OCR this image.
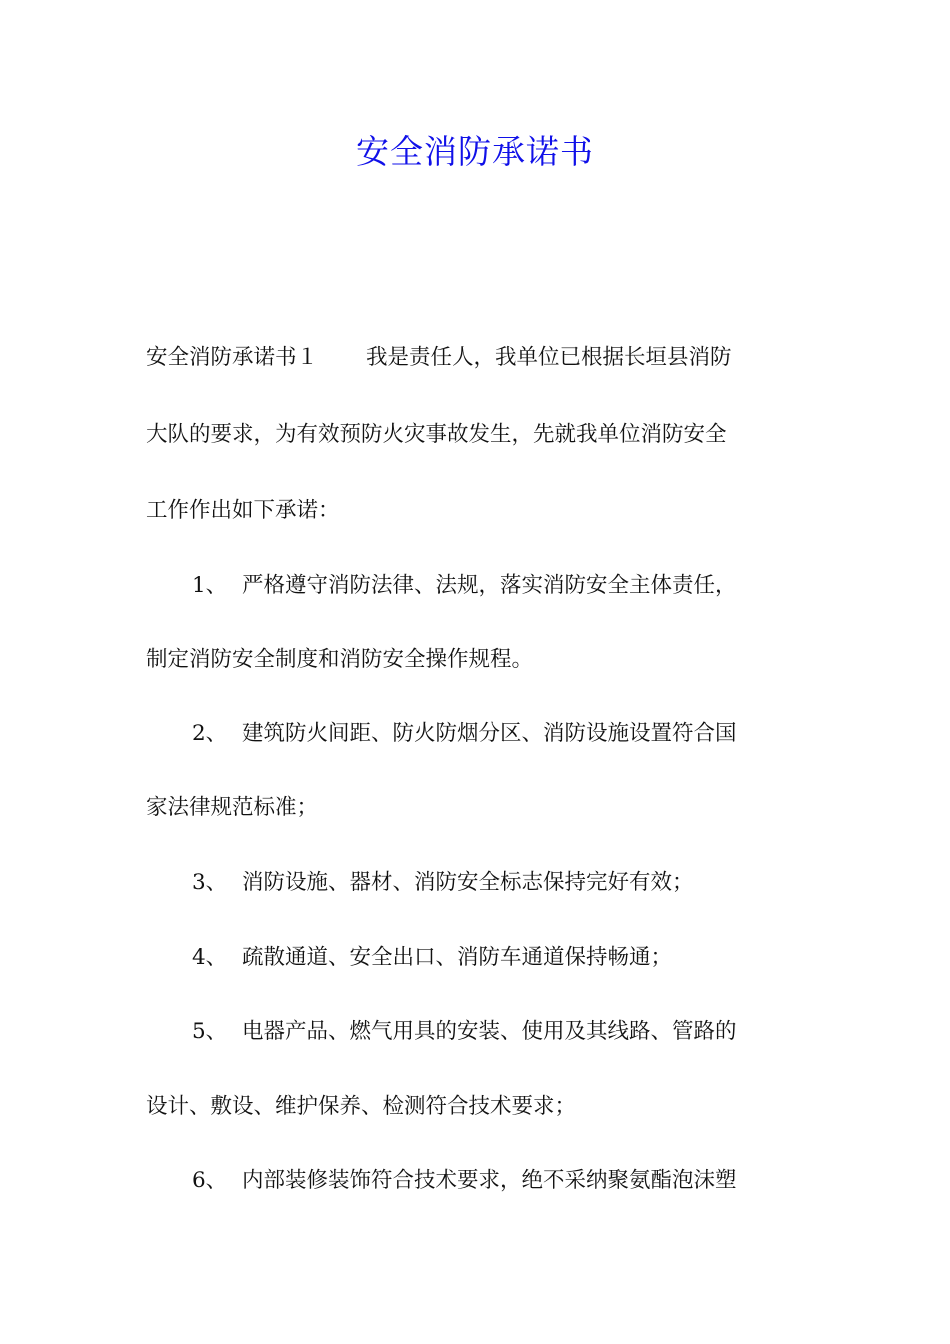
安全消防承诺书

安全消防承诺书１ 我是责任人，我单位已根据长垣县消防

大队的要求，为有效预防火灾事故发生，先就我单位消防安全

工作作出如下承诺：

1、 严格遵守消防法律、法规，落实消防安全主体责任，

制定消防安全制度和消防安全操作规程。

2、 建筑防火间距、防火防烟分区、消防设施设置符合国

家法律规范标准；

3、 消防设施、器材、消防安全标志保持完好有效；

4、 疏散通道、安全出口、消防车通道保持畅通；

5、 电器产品、燃气用具的安装、使用及其线路、管路的

设计、敷设、维护保养、检测符合技术要求；

6、 内部装修装饰符合技术要求，绝不采纳聚氨酯泡沫塑
